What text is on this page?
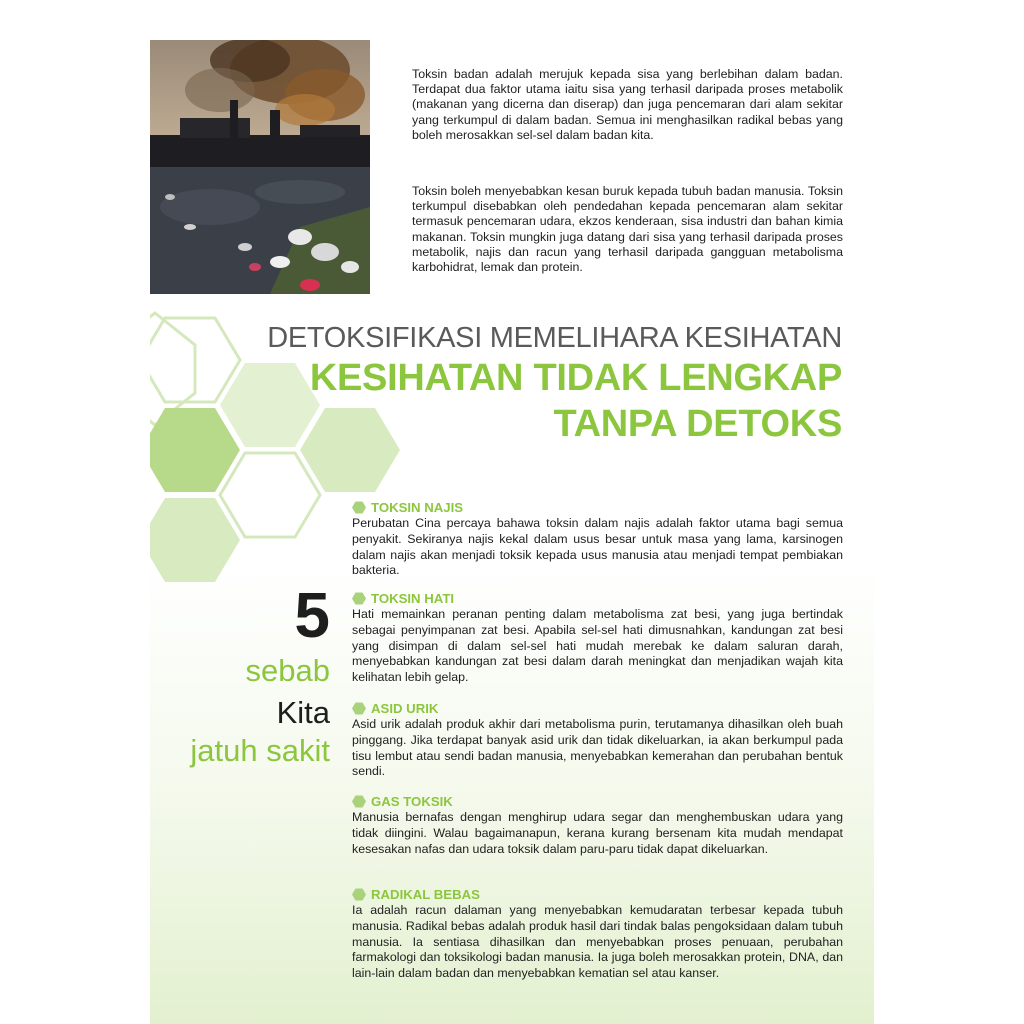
Toksin badan adalah merujuk kepada sisa yang berlebihan dalam badan. Terdapat dua faktor utama iaitu sisa yang terhasil daripada proses metabolik (makanan yang dicerna dan diserap) dan juga pencemaran dari alam sekitar yang terkumpul di dalam badan. Semua ini menghasilkan radikal bebas yang boleh merosakkan sel-sel dalam badan kita.

Toksin boleh menyebabkan kesan buruk kepada tubuh badan manusia. Toksin terkumpul disebabkan oleh pendedahan kepada pencemaran alam sekitar termasuk pencemaran udara, ekzos kenderaan, sisa industri dan bahan kimia makanan. Toksin mungkin juga datang dari sisa yang terhasil daripada proses metabolik, najis dan racun yang terhasil daripada gangguan metabolisma karbohidrat, lemak dan protein.

DETOKSIFIKASI MEMELIHARA KESIHATAN
KESIHATAN TIDAK LENGKAP
TANPA DETOKS

5

sebab

Kita

jatuh sakit

TOKSIN NAJIS

Perubatan Cina percaya bahawa toksin dalam najis adalah faktor utama bagi semua penyakit. Sekiranya najis kekal dalam usus besar untuk masa yang lama, karsinogen dalam najis akan menjadi toksik kepada usus manusia atau menjadi tempat pembiakan bakteria.

TOKSIN HATI

Hati memainkan peranan penting dalam metabolisma zat besi, yang juga bertindak sebagai penyimpanan zat besi. Apabila sel-sel hati dimusnahkan, kandungan zat besi yang disimpan di dalam sel-sel hati mudah merebak ke dalam saluran darah, menyebabkan kandungan zat besi dalam darah meningkat dan menjadikan wajah kita kelihatan lebih gelap.

ASID URIK

Asid urik adalah produk akhir dari metabolisma purin, terutamanya dihasilkan oleh buah pinggang. Jika terdapat banyak asid urik dan tidak dikeluarkan, ia akan berkumpul pada tisu lembut atau sendi badan manusia, menyebabkan kemerahan dan perubahan bentuk sendi.

GAS TOKSIK

Manusia bernafas dengan menghirup udara segar dan menghembuskan udara yang tidak diingini. Walau bagaimanapun, kerana kurang bersenam kita mudah mendapat kesesakan nafas dan udara toksik dalam paru-paru tidak dapat dikeluarkan.

RADIKAL BEBAS

Ia adalah racun dalaman yang menyebabkan kemudaratan terbesar kepada tubuh manusia. Radikal bebas adalah produk hasil dari tindak balas pengoksidaan dalam tubuh manusia. Ia sentiasa dihasilkan dan menyebabkan proses penuaan, perubahan farmakologi dan toksikologi badan manusia. Ia juga boleh merosakkan protein, DNA, dan lain-lain dalam badan dan menyebabkan kematian sel atau kanser.
